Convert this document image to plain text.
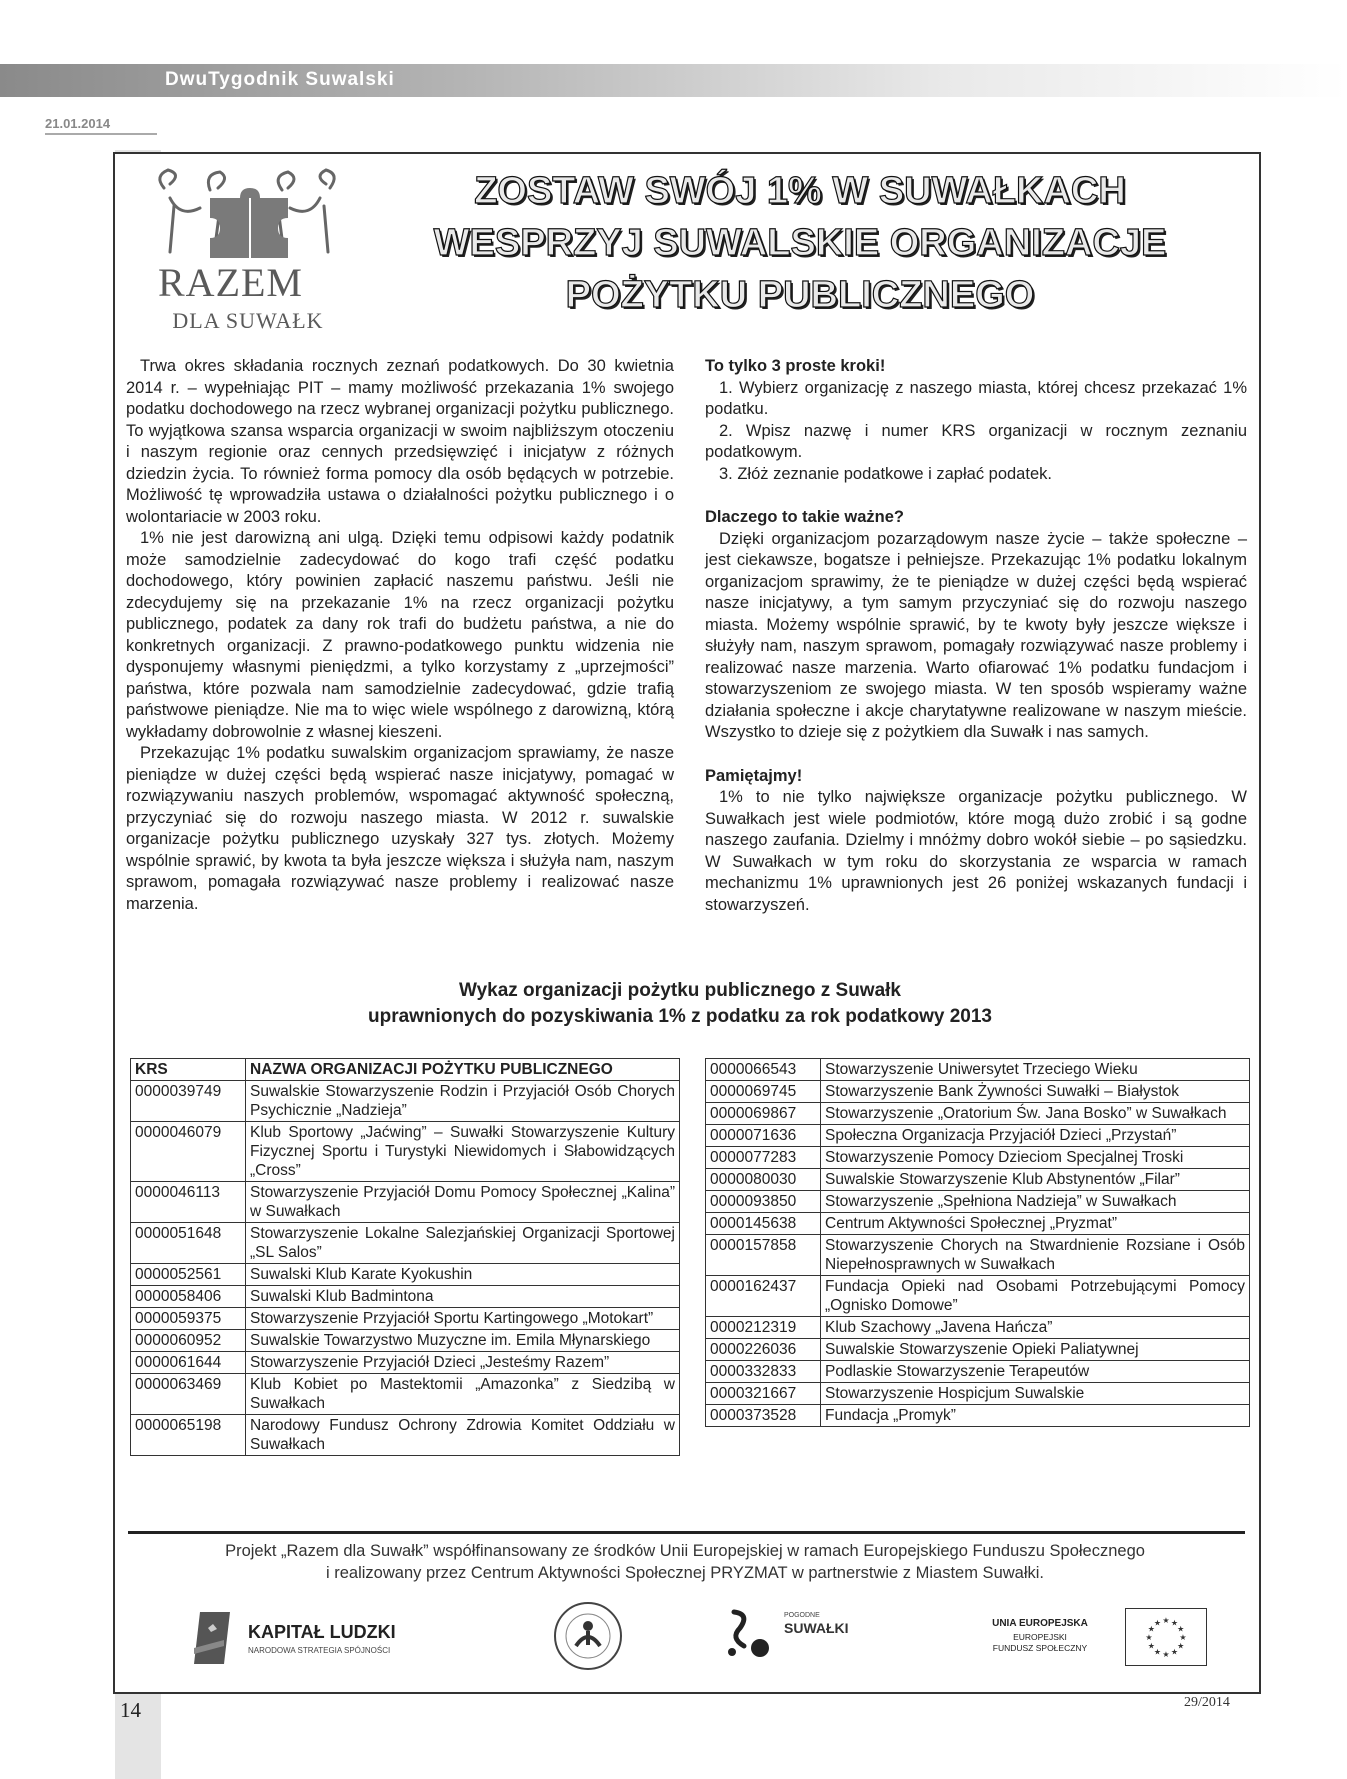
DwuTygodnik Suwalski
21.01.2014
RAZEM
DLA SUWAŁK
ZOSTAW SWÓJ 1% W SUWAŁKACH
WESPRZYJ SUWALSKIE ORGANIZACJE
POŻYTKU PUBLICZNEGO

Trwa okres składania rocznych zeznań podatkowych. Do 30 kwietnia 2014 r. – wypełniając PIT – mamy możliwość przekazania 1% swojego podatku dochodowego na rzecz wybranej organizacji pożytku publicznego. To wyjątkowa szansa wsparcia organizacji w swoim najbliższym otoczeniu i naszym regionie oraz cennych przedsięwzięć i inicjatyw z różnych dziedzin życia. To również forma pomocy dla osób będących w potrzebie. Możliwość tę wprowadziła ustawa o działalności pożytku publicznego i o wolontariacie w 2003 roku.

1% nie jest darowizną ani ulgą. Dzięki temu odpisowi każdy podatnik może samodzielnie zadecydować do kogo trafi część podatku dochodowego, który powinien zapłacić naszemu państwu. Jeśli nie zdecydujemy się na przekazanie 1% na rzecz organizacji pożytku publicznego, podatek za dany rok trafi do budżetu państwa, a nie do konkretnych organizacji. Z prawno-podatkowego punktu widzenia nie dysponujemy własnymi pieniędzmi, a tylko korzystamy z „uprzejmości” państwa, które pozwala nam samodzielnie zadecydować, gdzie trafią państwowe pieniądze. Nie ma to więc wiele wspólnego z darowizną, którą wykładamy dobrowolnie z własnej kieszeni.

Przekazując 1% podatku suwalskim organizacjom sprawiamy, że nasze pieniądze w dużej części będą wspierać nasze inicjatywy, pomagać w rozwiązywaniu naszych problemów, wspomagać aktywność społeczną, przyczyniać się do rozwoju naszego miasta. W 2012 r. suwalskie organizacje pożytku publicznego uzyskały 327 tys. złotych. Możemy wspólnie sprawić, by kwota ta była jeszcze większa i służyła nam, naszym sprawom, pomagała rozwiązywać nasze problemy i realizować nasze marzenia.

To tylko 3 proste kroki!

1. Wybierz organizację z naszego miasta, której chcesz przekazać 1% podatku.

2. Wpisz nazwę i numer KRS organizacji w rocznym zeznaniu podatkowym.

3. Złóż zeznanie podatkowe i zapłać podatek.

Dlaczego to takie ważne?

Dzięki organizacjom pozarządowym nasze życie – także społeczne – jest ciekawsze, bogatsze i pełniejsze. Przekazując 1% podatku lokalnym organizacjom sprawimy, że te pieniądze w dużej części będą wspierać nasze inicjatywy, a tym samym przyczyniać się do rozwoju naszego miasta. Możemy wspólnie sprawić, by te kwoty były jeszcze większe i służyły nam, naszym sprawom, pomagały rozwiązywać nasze problemy i realizować nasze marzenia. Warto ofiarować 1% podatku fundacjom i stowarzyszeniom ze swojego miasta. W ten sposób wspieramy ważne działania społeczne i akcje charytatywne realizowane w naszym mieście. Wszystko to dzieje się z pożytkiem dla Suwałk i nas samych.

Pamiętajmy!

1% to nie tylko największe organizacje pożytku publicznego. W Suwałkach jest wiele podmiotów, które mogą dużo zrobić i są godne naszego zaufania. Dzielmy i mnóżmy dobro wokół siebie – po sąsiedzku. W Suwałkach w tym roku do skorzystania ze wsparcia w ramach mechanizmu 1% uprawnionych jest 26 poniżej wskazanych fundacji i stowarzyszeń.

Wykaz organizacji pożytku publicznego z Suwałk
uprawnionych do pozyskiwania 1% z podatku za rok podatkowy 2013
KRS	NAZWA ORGANIZACJI POŻYTKU PUBLICZNEGO
0000039749	Suwalskie Stowarzyszenie Rodzin i Przyjaciół Osób Chorych Psychicznie „Nadzieja”
0000046079	Klub Sportowy „Jaćwing” – Suwałki Stowarzyszenie Kultury Fizycznej Sportu i Turystyki Niewidomych i Słabowidzących „Cross”
0000046113	Stowarzyszenie Przyjaciół Domu Pomocy Społecznej „Kalina” w Suwałkach
0000051648	Stowarzyszenie Lokalne Salezjańskiej Organizacji Sportowej „SL Salos”
0000052561	Suwalski Klub Karate Kyokushin
0000058406	Suwalski Klub Badmintona
0000059375	Stowarzyszenie Przyjaciół Sportu Kartingowego „Motokart”
0000060952	Suwalskie Towarzystwo Muzyczne im. Emila Młynarskiego
0000061644	Stowarzyszenie Przyjaciół Dzieci „Jesteśmy Razem”
0000063469	Klub Kobiet po Mastektomii „Amazonka” z Siedzibą w Suwałkach
0000065198	Narodowy Fundusz Ochrony Zdrowia Komitet Oddziału w Suwałkach
0000066543	Stowarzyszenie Uniwersytet Trzeciego Wieku
0000069745	Stowarzyszenie Bank Żywności Suwałki – Białystok
0000069867	Stowarzyszenie „Oratorium Św. Jana Bosko” w Suwałkach
0000071636	Społeczna Organizacja Przyjaciół Dzieci „Przystań”
0000077283	Stowarzyszenie Pomocy Dzieciom Specjalnej Troski
0000080030	Suwalskie Stowarzyszenie Klub Abstynentów „Filar”
0000093850	Stowarzyszenie „Spełniona Nadzieja” w Suwałkach
0000145638	Centrum Aktywności Społecznej „Pryzmat”
0000157858	Stowarzyszenie Chorych na Stwardnienie Rozsiane i Osób Niepełnosprawnych w Suwałkach
0000162437	Fundacja Opieki nad Osobami Potrzebującymi Pomocy „Ognisko Domowe”
0000212319	Klub Szachowy „Javena Hańcza”
0000226036	Suwalskie Stowarzyszenie Opieki Paliatywnej
0000332833	Podlaskie Stowarzyszenie Terapeutów
0000321667	Stowarzyszenie Hospicjum Suwalskie
0000373528	Fundacja „Promyk”
Projekt „Razem dla Suwałk” współfinansowany ze środków Unii Europejskiej w ramach Europejskiego Funduszu Społecznego
i realizowany przez Centrum Aktywności Społecznej PRYZMAT w partnerstwie z Miastem Suwałki.
KAPITAŁ LUDZKI
NARODOWA STRATEGIA SPÓJNOŚCI
POGODNE
SUWAŁKI	UNIA EUROPEJSKA
EUROPEJSKI
FUNDUSZ SPOŁECZNY
★
★
★
★
★
★
★
★
★ ★ ★
★
14	29/2014
